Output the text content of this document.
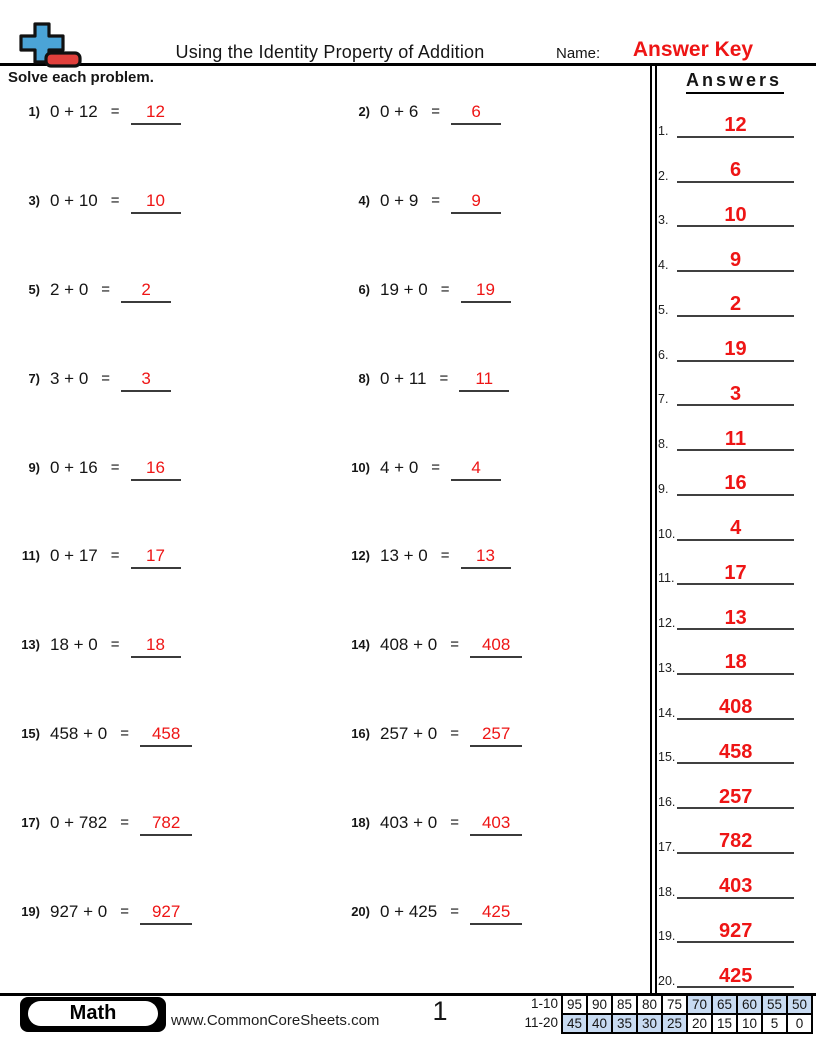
Using the Identity Property of Addition	Name:	Answer Key
Solve each problem.
1) 0 + 12 =	12	2) 0 + 6 =	6
3) 0 + 10 =	10	4) 0 + 9 =	9
5) 2 + 0 =	2	6) 19 + 0 =	19
7) 3 + 0 =	3	8) 0 + 11 =	11
9) 0 + 16 =	16	10) 4 + 0 =	4
11) 0 + 17 =	17	12) 13 + 0 =	13
13) 18 + 0 =	18	14) 408 + 0 =	408
15) 458 + 0 =	458	16) 257 + 0 =	257
17) 0 + 782 =	782	18) 403 + 0 =	403
19) 927 + 0 =	927	20) 0 + 425 =	425
Answers
1.	12
2.	6
3.	10
4.	9
5.	2
6.	19
7.	3
8.	11
9.	16
10.	4
11.	17
12.	13
13.	18
14.	408
15.	458
16.	257
17.	782
18.	403
19.	927
20.	425
Math	www.CommonCoreSheets.com	1	1-10 95 90 85 80 75 70 65 60 55 50
11-20 45 40 35 30 25 20 15 10	5	0
